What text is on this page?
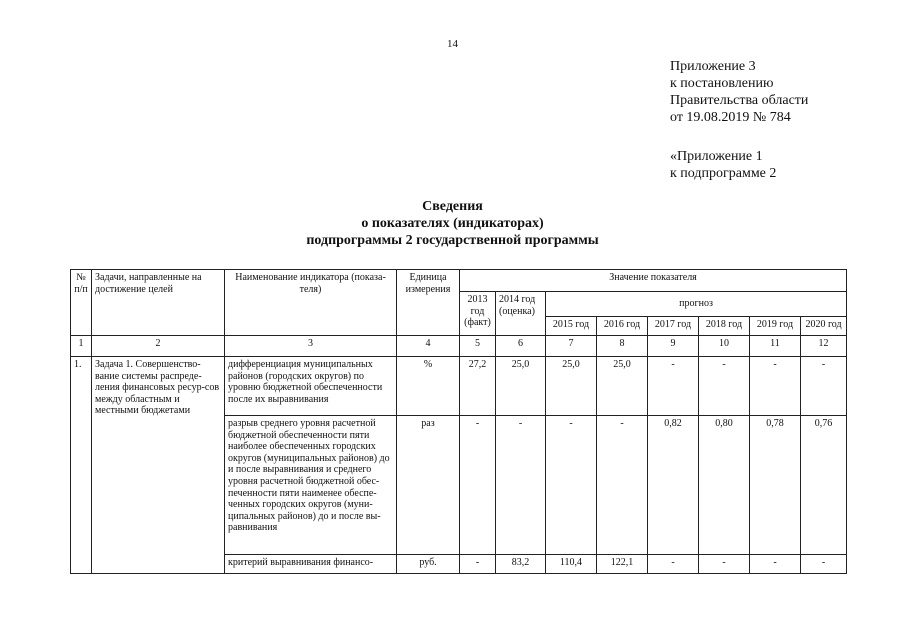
14
Приложение 3
к постановлению
Правительства области
от 19.08.2019 № 784
«Приложение 1
к подпрограмме 2
Сведения
о показателях (индикаторах)
подпрограммы 2 государственной программы
№ п/п	Задачи, направленные на достижение целей	Наименование индикатора (показа-теля)	Единица измерения	Значение показателя							
				2013 год (факт)	2014 год (оценка)	прогноз					
						2015 год	2016 год	2017 год	2018 год	2019 год	2020 год
1	2	3	4	5	6	7	8	9	10	11	12
1.	Задача 1. Совершенство-вание системы распреде-ления финансовых ресур-сов между областным и местными бюджетами	дифференциация муниципальных районов (городских округов) по уровню бюджетной обеспеченности после их выравнивания	%	27,2	25,0	25,0	25,0	-	-	-	-
		разрыв среднего уровня расчетной бюджетной обеспеченности пяти наиболее обеспеченных городских округов (муниципальных районов) до и после выравнивания и среднего уровня расчетной бюджетной обес-печенности пяти наименее обеспе-ченных городских округов (муни-ципальных районов) до и после вы-равнивания	раз	-	-	-	-	0,82	0,80	0,78	0,76
		критерий выравнивания финансо-	руб.	-	83,2	110,4	122,1	-	-	-	-
